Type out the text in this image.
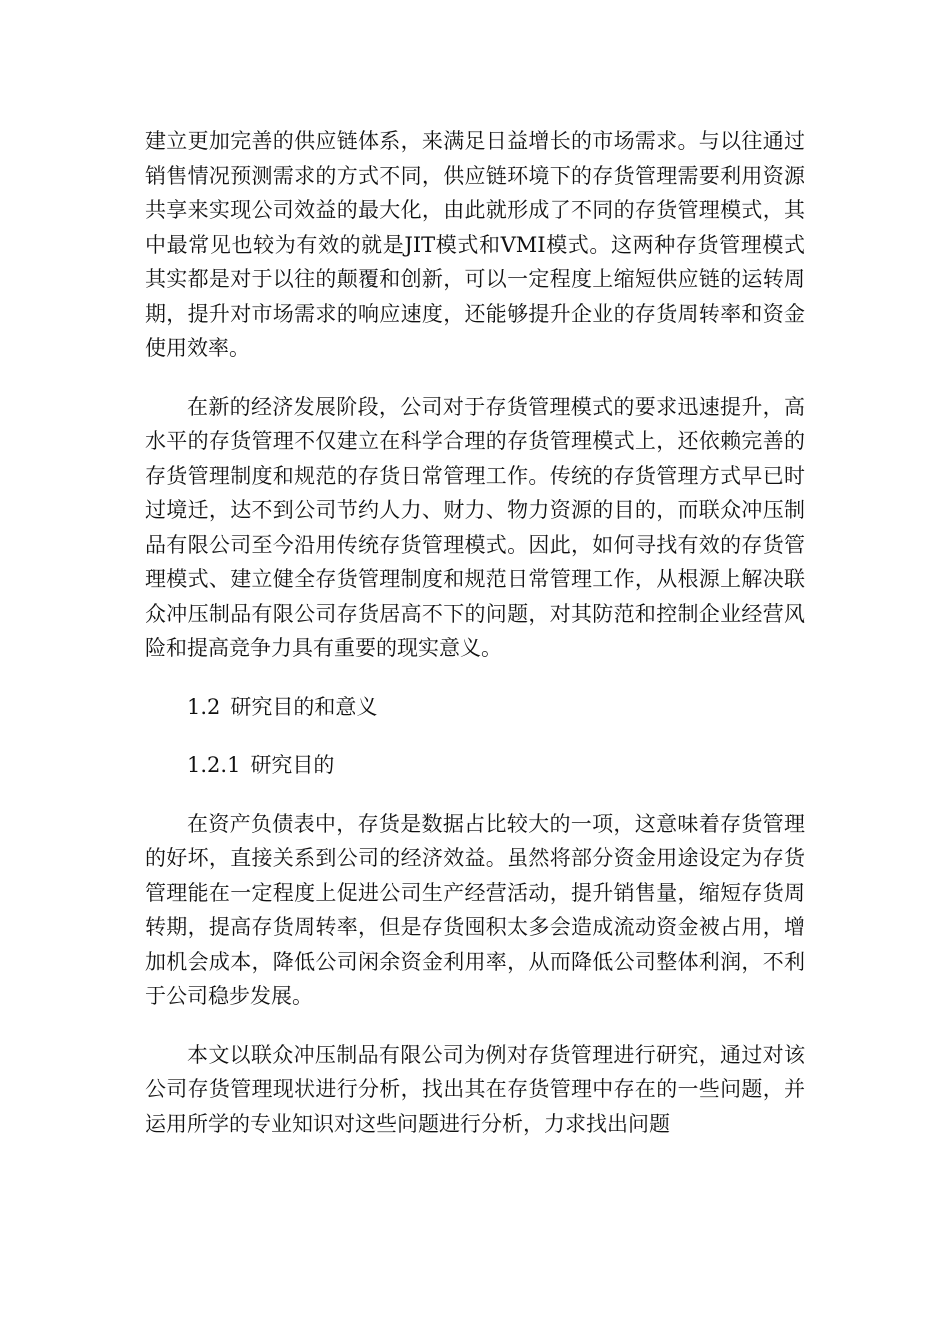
建立更加完善的供应链体系，来满足日益增长的市场需求。与以往通过销售情况预测需求的方式不同，供应链环境下的存货管理需要利用资源共享来实现公司效益的最大化，由此就形成了不同的存货管理模式，其中最常见也较为有效的就是JIT模式和VMI模式。这两种存货管理模式其实都是对于以往的颠覆和创新，可以一定程度上缩短供应链的运转周期，提升对市场需求的响应速度，还能够提升企业的存货周转率和资金使用效率。

在新的经济发展阶段，公司对于存货管理模式的要求迅速提升，高水平的存货管理不仅建立在科学合理的存货管理模式上，还依赖完善的存货管理制度和规范的存货日常管理工作。传统的存货管理方式早已时过境迁，达不到公司节约人力、财力、物力资源的目的，而联众冲压制品有限公司至今沿用传统存货管理模式。因此，如何寻找有效的存货管理模式、建立健全存货管理制度和规范日常管理工作，从根源上解决联众冲压制品有限公司存货居高不下的问题，对其防范和控制企业经营风险和提高竞争力具有重要的现实意义。

1.2 研究目的和意义
1.2.1 研究目的

在资产负债表中，存货是数据占比较大的一项，这意味着存货管理的好坏，直接关系到公司的经济效益。虽然将部分资金用途设定为存货管理能在一定程度上促进公司生产经营活动，提升销售量，缩短存货周转期，提高存货周转率，但是存货囤积太多会造成流动资金被占用，增加机会成本，降低公司闲余资金利用率，从而降低公司整体利润，不利于公司稳步发展。

本文以联众冲压制品有限公司为例对存货管理进行研究，通过对该公司存货管理现状进行分析，找出其在存货管理中存在的一些问题，并运用所学的专业知识对这些问题进行分析，力求找出问题
